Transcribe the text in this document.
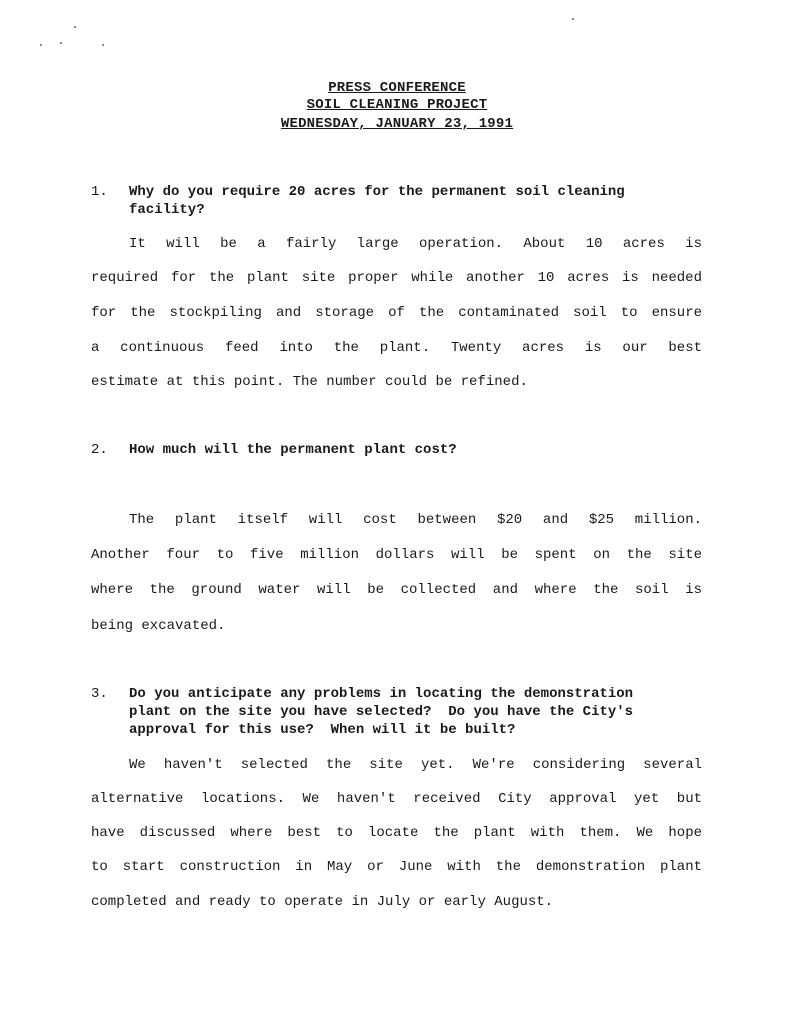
PRESS CONFERENCE
SOIL CLEANING PROJECT
WEDNESDAY, JANUARY 23, 1991
1. Why do you require 20 acres for the permanent soil cleaning
facility?
It will be a fairly large operation. About 10 acres is
required for the plant site proper while another 10 acres is needed
for the stockpiling and storage of the contaminated soil to ensure
a continuous feed into the plant. Twenty acres is our best
estimate at this point. The number could be refined.
2. How much will the permanent plant cost?
The plant itself will cost between $20 and $25 million.
Another four to five million dollars will be spent on the site
where the ground water will be collected and where the soil is
being excavated.
3. Do you anticipate any problems in locating the demonstration
plant on the site you have selected?  Do you have the City's
approval for this use?  When will it be built?
We haven't selected the site yet. We're considering several
alternative locations. We haven't received City approval yet but
have discussed where best to locate the plant with them. We hope
to start construction in May or June with the demonstration plant
completed and ready to operate in July or early August.
